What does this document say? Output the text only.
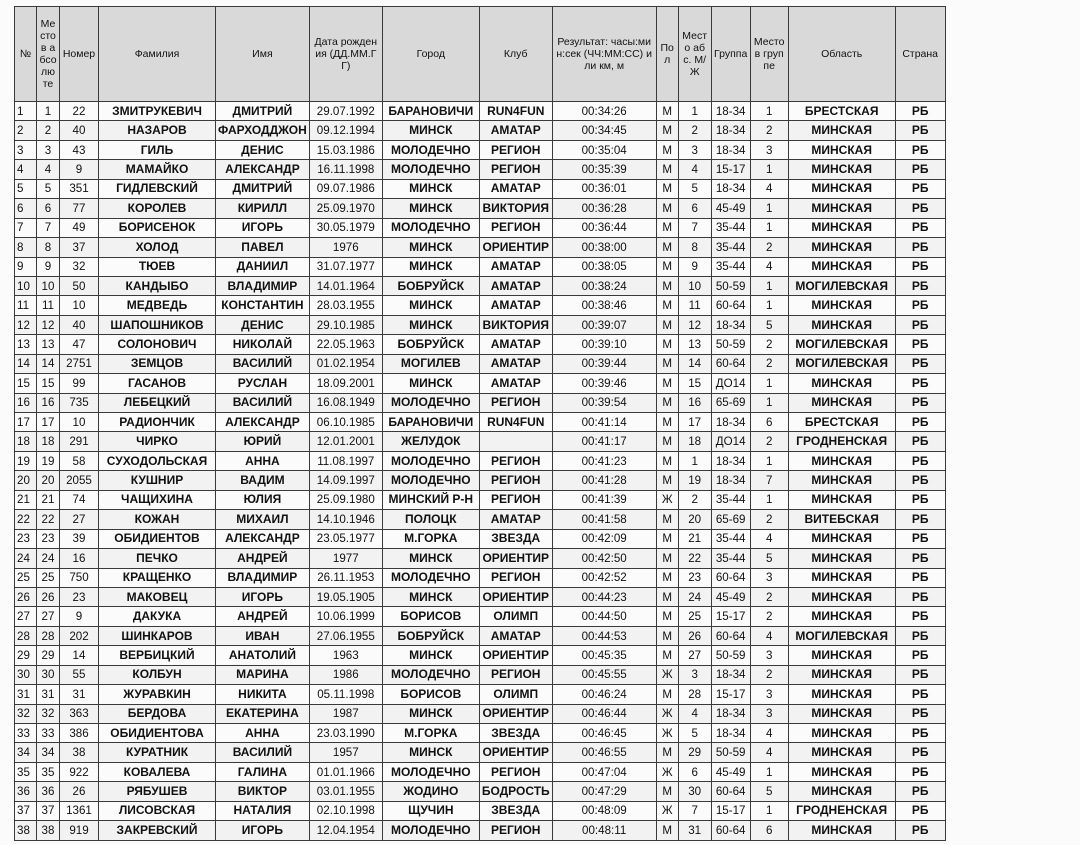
№	Место в абсолюте	Номер	Фамилия	Имя	Дата рождения (ДД.ММ.ГГ)	Город	Клуб	Результат: часы:мин:сек (ЧЧ:ММ:СС) или км, м	Пол	Место абс. М/Ж	Группа	Место в группе	Область	Страна
1	1	22	ЗМИТРУКЕВИЧ	ДМИТРИЙ	29.07.1992	БАРАНОВИЧИ	RUN4FUN	00:34:26	М	1	18-34	1	БРЕСТСКАЯ	РБ
2	2	40	НАЗАРОВ	ФАРХОДДЖОН	09.12.1994	МИНСК	АМАТАР	00:34:45	М	2	18-34	2	МИНСКАЯ	РБ
3	3	43	ГИЛЬ	ДЕНИС	15.03.1986	МОЛОДЕЧНО	РЕГИОН	00:35:04	М	3	18-34	3	МИНСКАЯ	РБ
4	4	9	МАМАЙКО	АЛЕКСАНДР	16.11.1998	МОЛОДЕЧНО	РЕГИОН	00:35:39	М	4	15-17	1	МИНСКАЯ	РБ
5	5	351	ГИДЛЕВСКИЙ	ДМИТРИЙ	09.07.1986	МИНСК	АМАТАР	00:36:01	М	5	18-34	4	МИНСКАЯ	РБ
6	6	77	КОРОЛЕВ	КИРИЛЛ	25.09.1970	МИНСК	ВИКТОРИЯ	00:36:28	М	6	45-49	1	МИНСКАЯ	РБ
7	7	49	БОРИСЕНОК	ИГОРЬ	30.05.1979	МОЛОДЕЧНО	РЕГИОН	00:36:44	М	7	35-44	1	МИНСКАЯ	РБ
8	8	37	ХОЛОД	ПАВЕЛ	1976	МИНСК	ОРИЕНТИР	00:38:00	М	8	35-44	2	МИНСКАЯ	РБ
9	9	32	ТЮЕВ	ДАНИИЛ	31.07.1977	МИНСК	АМАТАР	00:38:05	М	9	35-44	4	МИНСКАЯ	РБ
10	10	50	КАНДЫБО	ВЛАДИМИР	14.01.1964	БОБРУЙСК	АМАТАР	00:38:24	М	10	50-59	1	МОГИЛЕВСКАЯ	РБ
11	11	10	МЕДВЕДЬ	КОНСТАНТИН	28.03.1955	МИНСК	АМАТАР	00:38:46	М	11	60-64	1	МИНСКАЯ	РБ
12	12	40	ШАПОШНИКОВ	ДЕНИС	29.10.1985	МИНСК	ВИКТОРИЯ	00:39:07	М	12	18-34	5	МИНСКАЯ	РБ
13	13	47	СОЛОНОВИЧ	НИКОЛАЙ	22.05.1963	БОБРУЙСК	АМАТАР	00:39:10	М	13	50-59	2	МОГИЛЕВСКАЯ	РБ
14	14	2751	ЗЕМЦОВ	ВАСИЛИЙ	01.02.1954	МОГИЛЕВ	АМАТАР	00:39:44	М	14	60-64	2	МОГИЛЕВСКАЯ	РБ
15	15	99	ГАСАНОВ	РУСЛАН	18.09.2001	МИНСК	АМАТАР	00:39:46	М	15	ДО14	1	МИНСКАЯ	РБ
16	16	735	ЛЕБЕЦКИЙ	ВАСИЛИЙ	16.08.1949	МОЛОДЕЧНО	РЕГИОН	00:39:54	М	16	65-69	1	МИНСКАЯ	РБ
17	17	10	РАДИОНЧИК	АЛЕКСАНДР	06.10.1985	БАРАНОВИЧИ	RUN4FUN	00:41:14	М	17	18-34	6	БРЕСТСКАЯ	РБ
18	18	291	ЧИРКО	ЮРИЙ	12.01.2001	ЖЕЛУДОК		00:41:17	М	18	ДО14	2	ГРОДНЕНСКАЯ	РБ
19	19	58	СУХОДОЛЬСКАЯ	АННА	11.08.1997	МОЛОДЕЧНО	РЕГИОН	00:41:23	М	1	18-34	1	МИНСКАЯ	РБ
20	20	2055	КУШНИР	ВАДИМ	14.09.1997	МОЛОДЕЧНО	РЕГИОН	00:41:28	М	19	18-34	7	МИНСКАЯ	РБ
21	21	74	ЧАЩИХИНА	ЮЛИЯ	25.09.1980	МИНСКИЙ Р-Н	РЕГИОН	00:41:39	Ж	2	35-44	1	МИНСКАЯ	РБ
22	22	27	КОЖАН	МИХАИЛ	14.10.1946	ПОЛОЦК	АМАТАР	00:41:58	М	20	65-69	2	ВИТЕБСКАЯ	РБ
23	23	39	ОБИДИЕНТОВ	АЛЕКСАНДР	23.05.1977	М.ГОРКА	ЗВЕЗДА	00:42:09	М	21	35-44	4	МИНСКАЯ	РБ
24	24	16	ПЕЧКО	АНДРЕЙ	1977	МИНСК	ОРИЕНТИР	00:42:50	М	22	35-44	5	МИНСКАЯ	РБ
25	25	750	КРАЩЕНКО	ВЛАДИМИР	26.11.1953	МОЛОДЕЧНО	РЕГИОН	00:42:52	М	23	60-64	3	МИНСКАЯ	РБ
26	26	23	МАКОВЕЦ	ИГОРЬ	19.05.1905	МИНСК	ОРИЕНТИР	00:44:23	М	24	45-49	2	МИНСКАЯ	РБ
27	27	9	ДАКУКА	АНДРЕЙ	10.06.1999	БОРИСОВ	ОЛИМП	00:44:50	М	25	15-17	2	МИНСКАЯ	РБ
28	28	202	ШИНКАРОВ	ИВАН	27.06.1955	БОБРУЙСК	АМАТАР	00:44:53	М	26	60-64	4	МОГИЛЕВСКАЯ	РБ
29	29	14	ВЕРБИЦКИЙ	АНАТОЛИЙ	1963	МИНСК	ОРИЕНТИР	00:45:35	М	27	50-59	3	МИНСКАЯ	РБ
30	30	55	КОЛБУН	МАРИНА	1986	МОЛОДЕЧНО	РЕГИОН	00:45:55	Ж	3	18-34	2	МИНСКАЯ	РБ
31	31	31	ЖУРАВКИН	НИКИТА	05.11.1998	БОРИСОВ	ОЛИМП	00:46:24	М	28	15-17	3	МИНСКАЯ	РБ
32	32	363	БЕРДОВА	ЕКАТЕРИНА	1987	МИНСК	ОРИЕНТИР	00:46:44	Ж	4	18-34	3	МИНСКАЯ	РБ
33	33	386	ОБИДИЕНТОВА	АННА	23.03.1990	М.ГОРКА	ЗВЕЗДА	00:46:45	Ж	5	18-34	4	МИНСКАЯ	РБ
34	34	38	КУРАТНИК	ВАСИЛИЙ	1957	МИНСК	ОРИЕНТИР	00:46:55	М	29	50-59	4	МИНСКАЯ	РБ
35	35	922	КОВАЛЕВА	ГАЛИНА	01.01.1966	МОЛОДЕЧНО	РЕГИОН	00:47:04	Ж	6	45-49	1	МИНСКАЯ	РБ
36	36	26	РЯБУШЕВ	ВИКТОР	03.01.1955	ЖОДИНО	БОДРОСТЬ	00:47:29	М	30	60-64	5	МИНСКАЯ	РБ
37	37	1361	ЛИСОВСКАЯ	НАТАЛИЯ	02.10.1998	ЩУЧИН	ЗВЕЗДА	00:48:09	Ж	7	15-17	1	ГРОДНЕНСКАЯ	РБ
38	38	919	ЗАКРЕВСКИЙ	ИГОРЬ	12.04.1954	МОЛОДЕЧНО	РЕГИОН	00:48:11	М	31	60-64	6	МИНСКАЯ	РБ
